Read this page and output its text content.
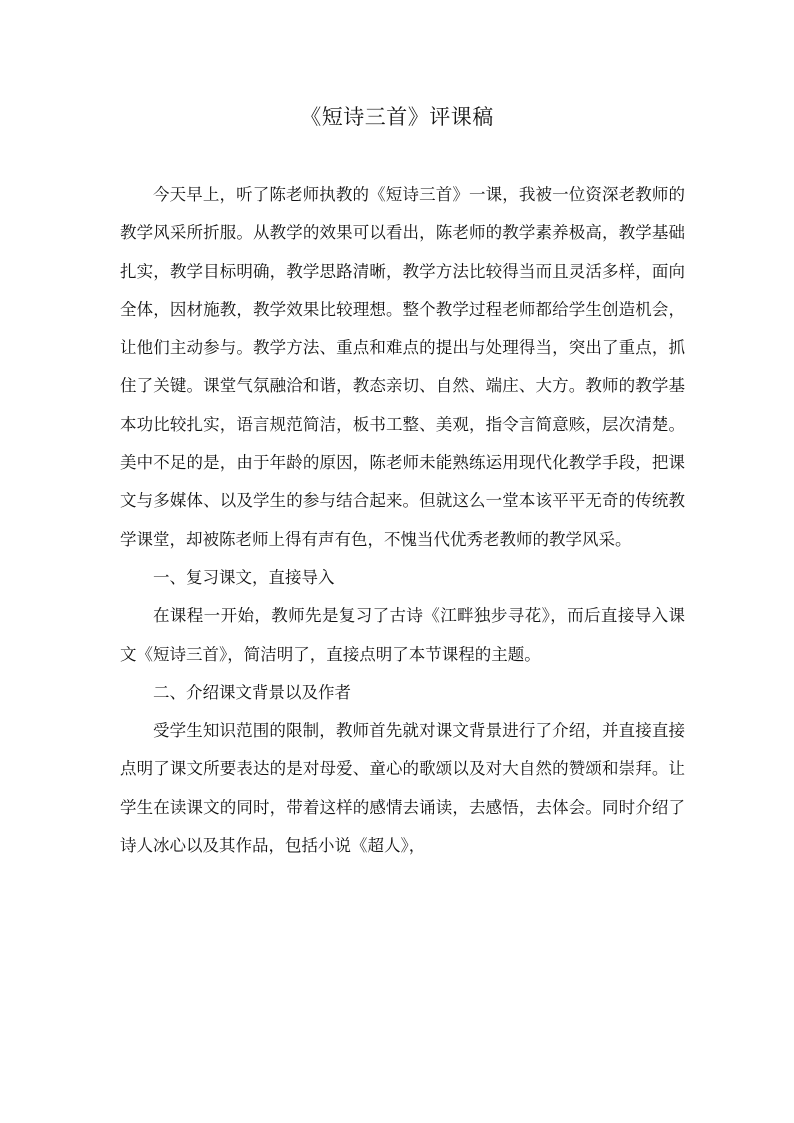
《短诗三首》评课稿

今天早上，听了陈老师执教的《短诗三首》一课，我被一位资深老教师的教学风采所折服。从教学的效果可以看出，陈老师的教学素养极高，教学基础扎实，教学目标明确，教学思路清晰，教学方法比较得当而且灵活多样，面向全体，因材施教，教学效果比较理想。整个教学过程老师都给学生创造机会，让他们主动参与。教学方法、重点和难点的提出与处理得当，突出了重点，抓住了关键。课堂气氛融洽和谐，教态亲切、自然、端庄、大方。教师的教学基本功比较扎实，语言规范简洁，板书工整、美观，指令言简意赅，层次清楚。美中不足的是，由于年龄的原因，陈老师未能熟练运用现代化教学手段，把课文与多媒体、以及学生的参与结合起来。但就这么一堂本该平平无奇的传统教学课堂，却被陈老师上得有声有色，不愧当代优秀老教师的教学风采。

一、复习课文，直接导入

在课程一开始，教师先是复习了古诗《江畔独步寻花》，而后直接导入课文《短诗三首》，简洁明了，直接点明了本节课程的主题。

二、介绍课文背景以及作者

受学生知识范围的限制，教师首先就对课文背景进行了介绍，并直接直接点明了课文所要表达的是对母爱、童心的歌颂以及对大自然的赞颂和崇拜。让学生在读课文的同时，带着这样的感情去诵读，去感悟，去体会。同时介绍了诗人冰心以及其作品，包括小说《超人》，
